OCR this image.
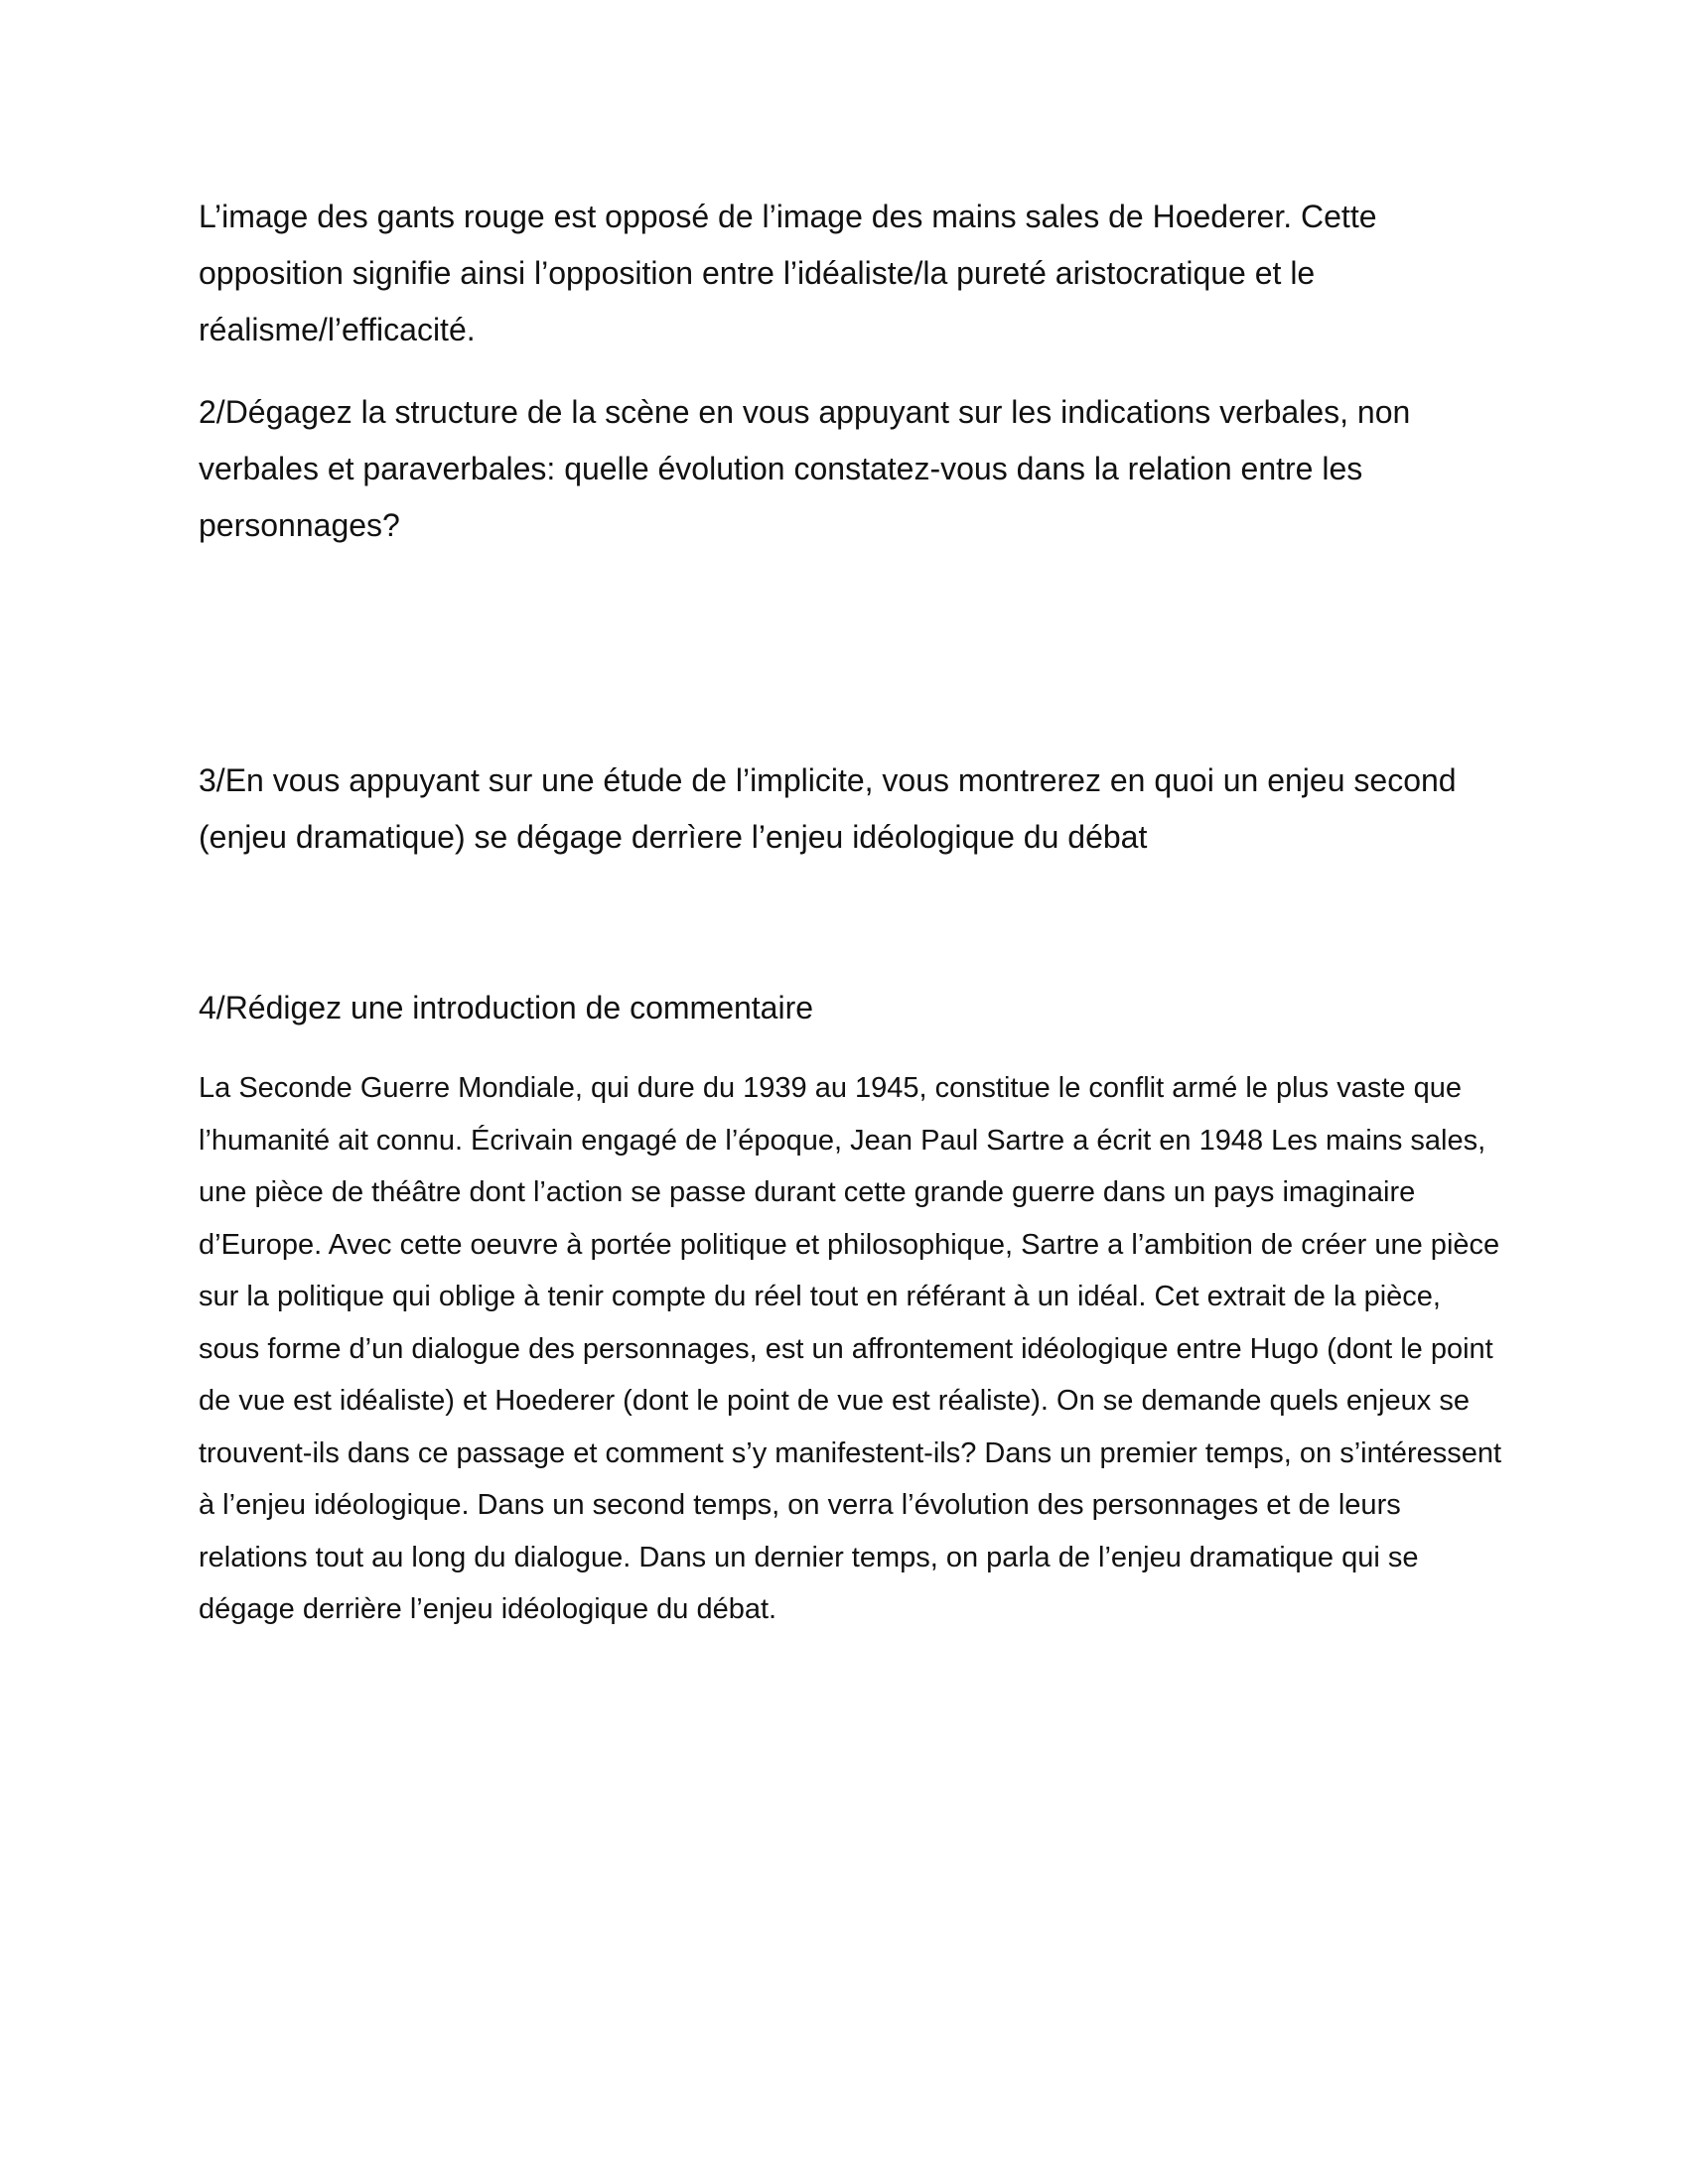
L’image des gants rouge est opposé de l’image des mains sales de Hoederer. Cette opposition signifie ainsi l’opposition entre l’idéaliste/la pureté aristocratique et le réalisme/l’efficacité.

2/Dégagez la structure de la scène en vous appuyant sur les indications verbales, non verbales et paraverbales: quelle évolution constatez-vous dans la relation entre les personnages?

3/En vous appuyant sur une étude de l’implicite, vous montrerez en quoi un enjeu second (enjeu dramatique) se dégage derrìere l’enjeu idéologique du débat

4/Rédigez une introduction de commentaire

La Seconde Guerre Mondiale, qui dure du 1939 au 1945, constitue le conflit armé le plus vaste que l’humanité ait connu. Écrivain engagé de l’époque, Jean Paul Sartre a écrit en 1948 Les mains sales, une pièce de théâtre dont l’action se passe durant cette grande guerre dans un pays imaginaire d’Europe. Avec cette oeuvre à portée politique et philosophique, Sartre a l’ambition de créer une pièce sur la politique qui oblige à tenir compte du réel tout en référant à un idéal. Cet extrait de la pièce, sous forme d’un dialogue des personnages, est un affrontement idéologique entre Hugo (dont le point de vue est idéaliste) et Hoederer (dont le point de vue est réaliste). On se demande quels enjeux se trouvent-ils dans ce passage et comment s’y manifestent-ils? Dans un premier temps, on s’intéressent à l’enjeu idéologique. Dans un second temps, on verra l’évolution des personnages et de leurs relations tout au long du dialogue. Dans un dernier temps, on parla de l’enjeu dramatique qui se dégage derrière l’enjeu idéologique du débat.
